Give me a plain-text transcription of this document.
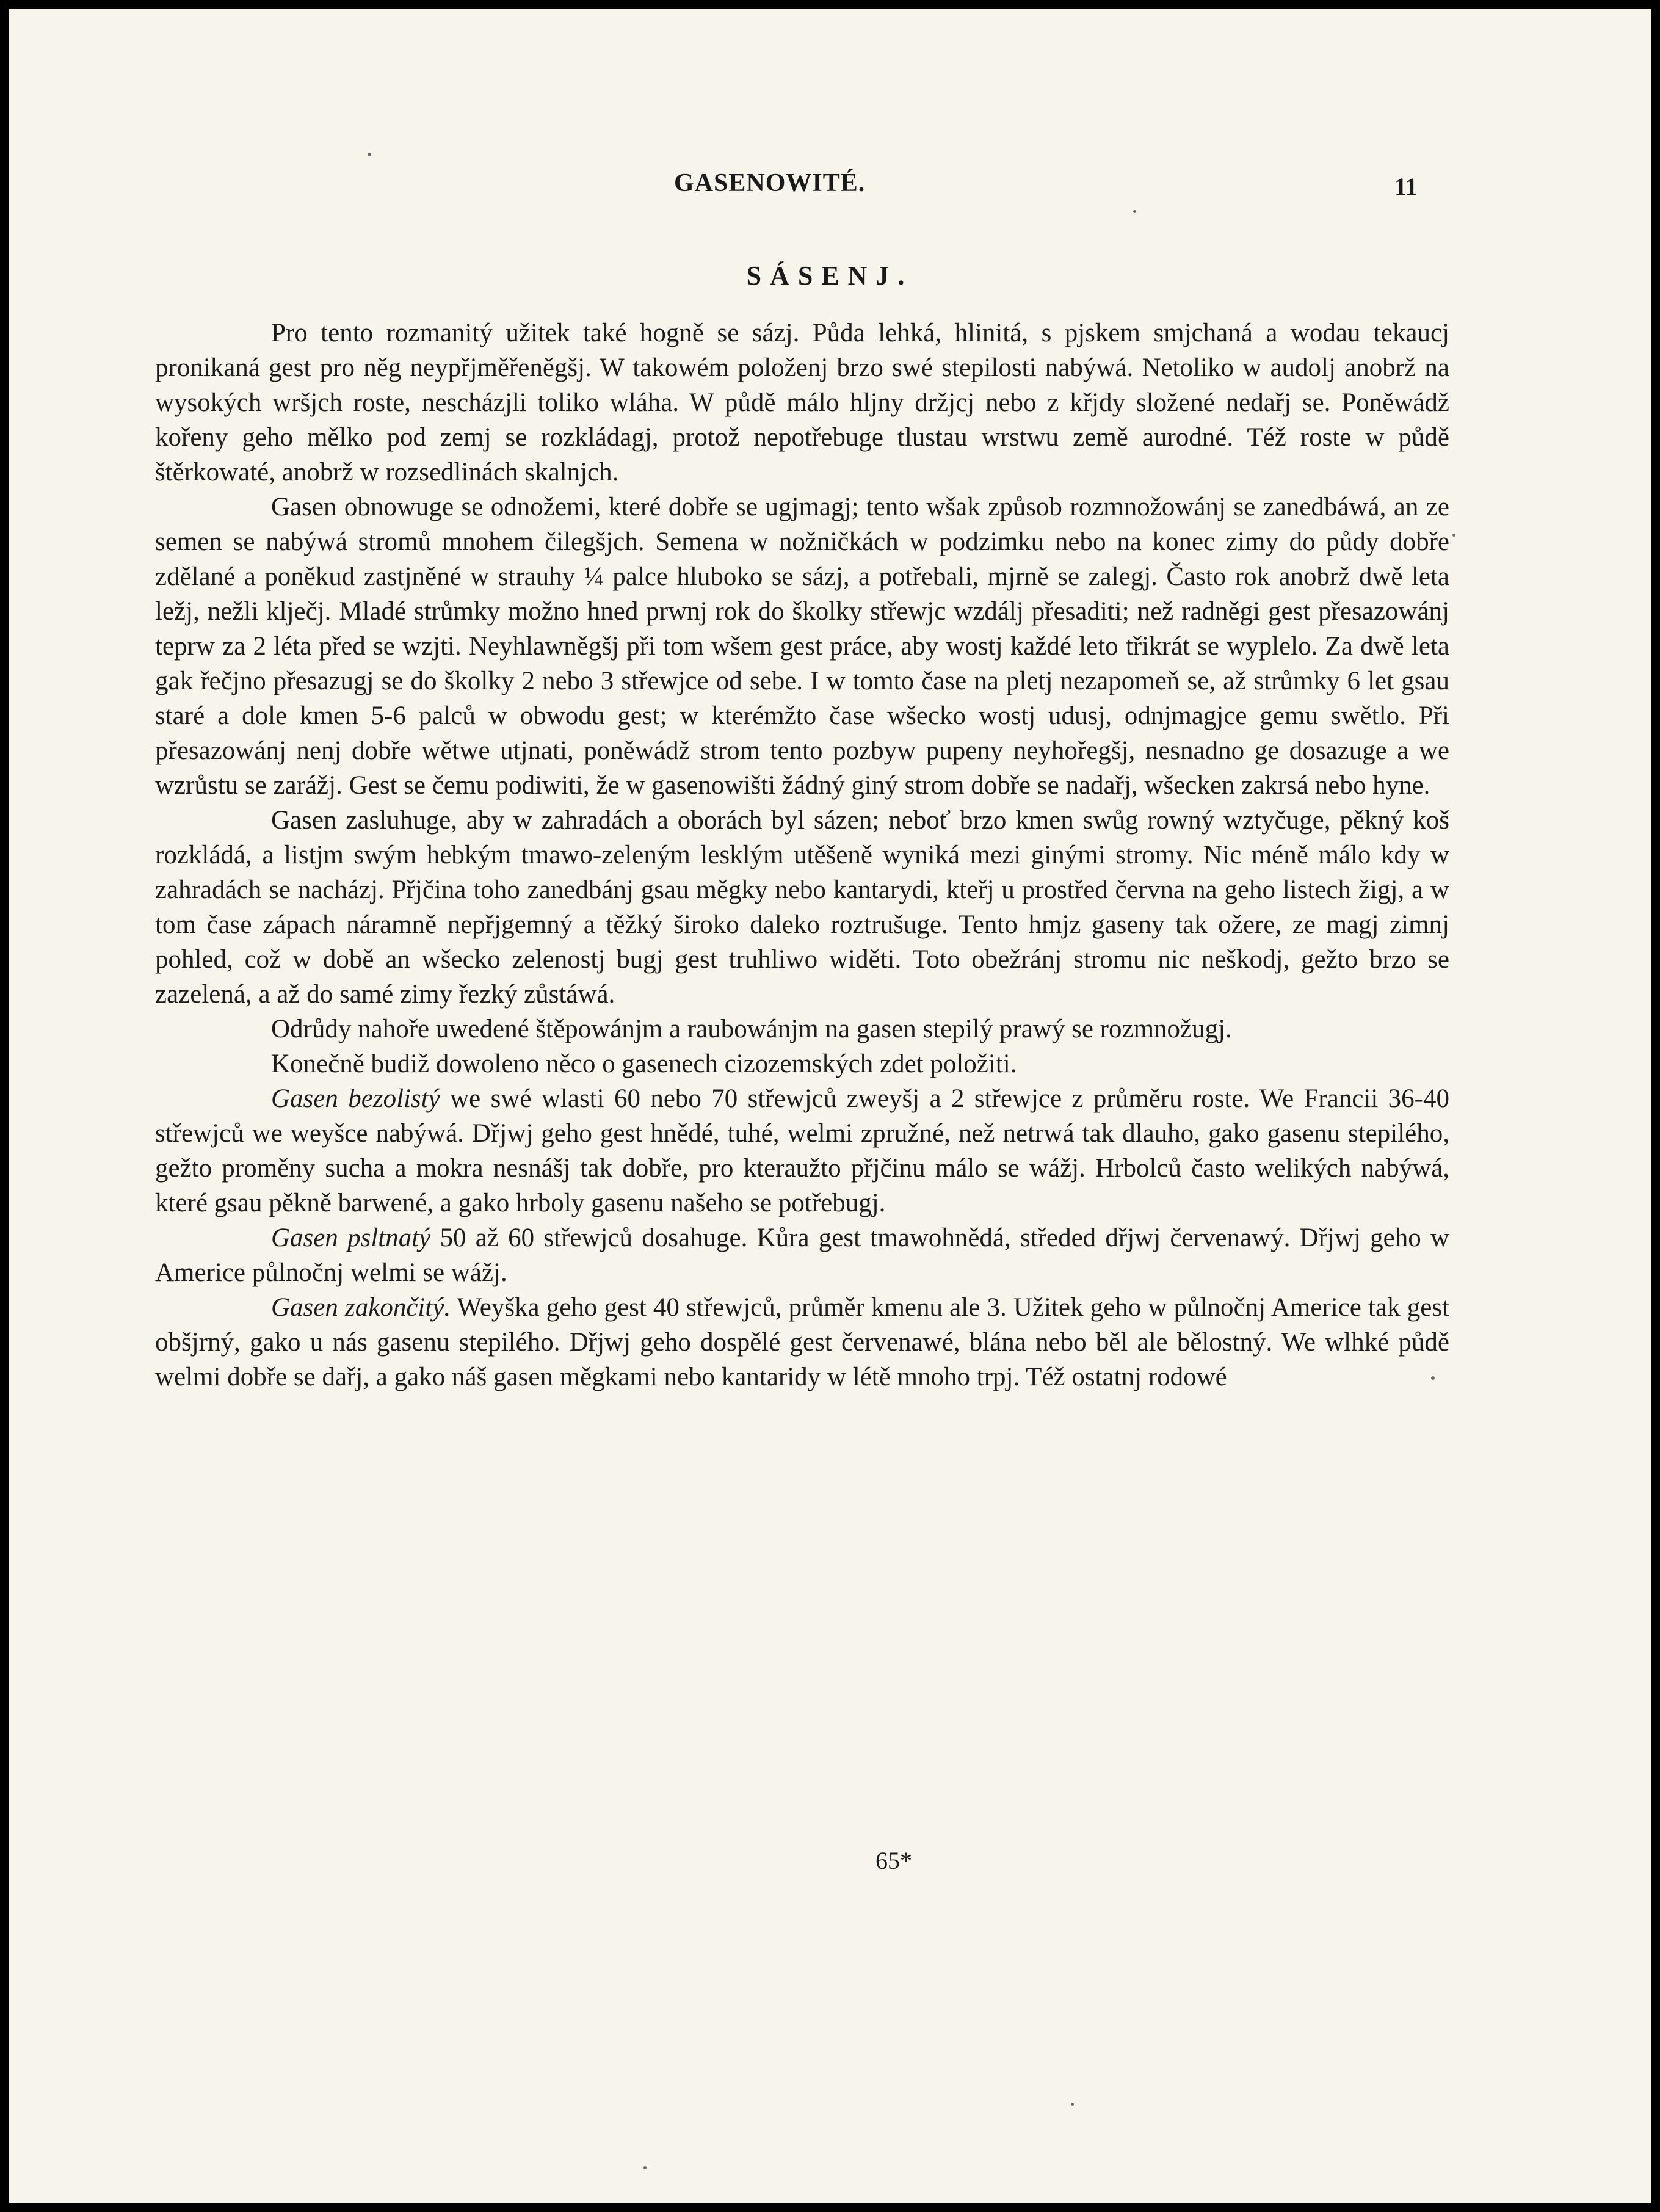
GASENOWITÉ.	11
SÁSENJ.

Pro tento rozmanitý užitek také hogně se sázj. Půda lehká, hlinitá, s pjskem smjchaná a wodau tekaucj pronikaná gest pro něg neypřjměřeněgšj. W takowém položenj brzo swé stepilosti nabýwá. Netoliko w audolj anobrž na wysokých wršjch roste, nescházjli toliko wláha. W půdě málo hljny držjcj nebo z křjdy složené nedařj se. Poněwádž kořeny geho mělko pod zemj se rozkládagj, protož nepotřebuge tlustau wrstwu země aurodné. Též roste w půdě štěrkowaté, anobrž w rozsedlinách skalnjch.

Gasen obnowuge se odnožemi, které dobře se ugjmagj; tento wšak způsob rozmnožowánj se zanedbáwá, an ze semen se nabýwá stromů mnohem čilegšjch. Semena w nožničkách w podzimku nebo na konec zimy do půdy dobře zdělané a poněkud zastjněné w strauhy ¼ palce hluboko se sázj, a potřebali, mjrně se zalegj. Často rok anobrž dwě leta ležj, nežli klječj. Mladé strůmky možno hned prwnj rok do školky střewjc wzdálj přesaditi; než radněgi gest přesazowánj teprw za 2 léta před se wzjti. Neyhlawněgšj při tom wšem gest práce, aby wostj každé leto třikrát se wyplelo. Za dwě leta gak řečjno přesazugj se do školky 2 nebo 3 střewjce od sebe. I w tomto čase na pletj nezapomeň se, až strůmky 6 let gsau staré a dole kmen 5-6 palců w obwodu gest; w kterémžto čase wšecko wostj udusj, odnjmagjce gemu swětlo. Při přesazowánj nenj dobře wětwe utjnati, poněwádž strom tento pozbyw pupeny neyhořegšj, nesnadno ge dosazuge a we wzrůstu se zarážj. Gest se čemu podiwiti, že w gasenowišti žádný giný strom dobře se nadařj, wšecken zakrsá nebo hyne.

Gasen zasluhuge, aby w zahradách a oborách byl sázen; neboť brzo kmen swůg rowný wztyčuge, pěkný koš rozkládá, a listjm swým hebkým tmawo-zeleným lesklým utěšeně wyniká mezi ginými stromy. Nic méně málo kdy w zahradách se nacházj. Přjčina toho zanedbánj gsau měgky nebo kantarydi, kteřj u prostřed června na geho listech žigj, a w tom čase zápach náramně nepřjgemný a těžký široko daleko roztrušuge. Tento hmjz gaseny tak ožere, ze magj zimnj pohled, což w době an wšecko zelenostj bugj gest truhliwo widěti. Toto obežránj stromu nic neškodj, gežto brzo se zazelená, a až do samé zimy řezký zůstáwá.

Odrůdy nahoře uwedené štěpowánjm a raubowánjm na gasen stepilý prawý se rozmnožugj.

Konečně budiž dowoleno něco o gasenech cizozemských zdet položiti.

Gasen bezolistý we swé wlasti 60 nebo 70 střewjců zweyšj a 2 střewjce z průměru roste. We Francii 36-40 střewjců we weyšce nabýwá. Dřjwj geho gest hnědé, tuhé, welmi zpružné, než netrwá tak dlauho, gako gasenu stepilého, gežto proměny sucha a mokra nesnášj tak dobře, pro kteraužto přjčinu málo se wážj. Hrbolců často welikých nabýwá, které gsau pěkně barwené, a gako hrboly gasenu našeho se potřebugj.

Gasen psltnatý 50 až 60 střewjců dosahuge. Kůra gest tmawohnědá, středed dřjwj červenawý. Dřjwj geho w Americe půlnočnj welmi se wážj.

Gasen zakončitý. Weyška geho gest 40 střewjců, průměr kmenu ale 3. Užitek geho w půlnočnj Americe tak gest obšjrný, gako u nás gasenu stepilého. Dřjwj geho dospělé gest červenawé, blána nebo běl ale bělostný. We wlhké půdě welmi dobře se dařj, a gako náš gasen měgkami nebo kantaridy w létě mnoho trpj. Též ostatnj rodowé

65*
